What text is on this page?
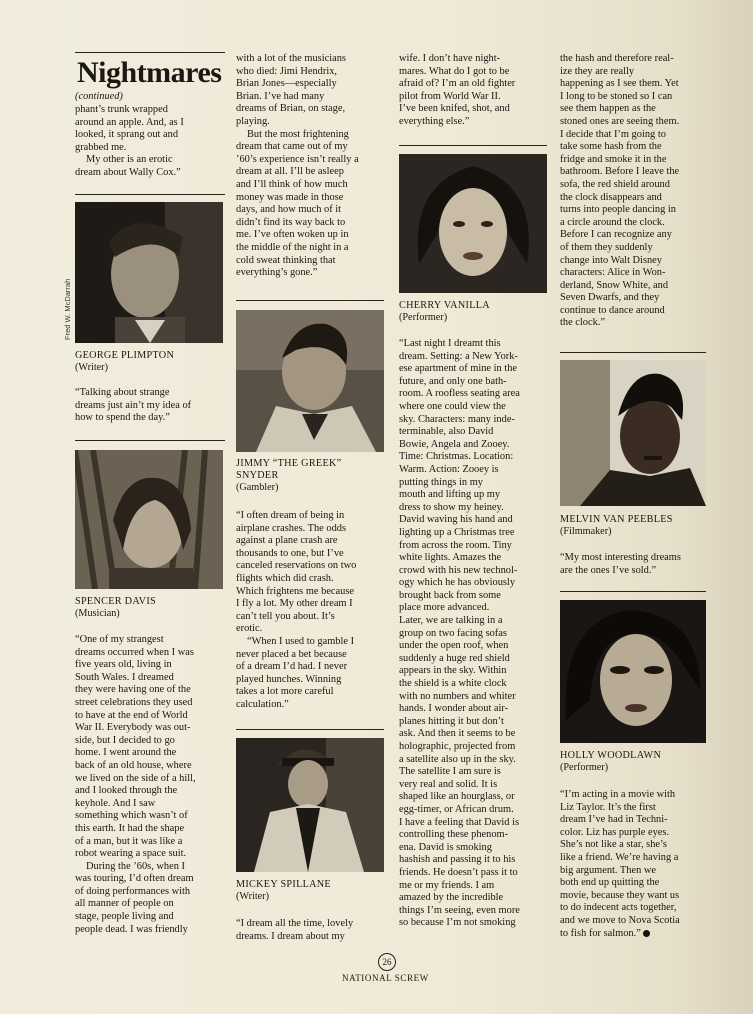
Nightmares

(continued)

phant’s trunk wrapped

around an apple. And, as I

looked, it sprang out and

grabbed me.

My other is an erotic

dream about Wally Cox.”

Fred W. McDarrah

GEORGE PLIMPTON

(Writer)

“Talking about strange

dreams just ain’t my idea of

how to spend the day.”

SPENCER DAVIS

(Musician)

“One of my strangest

dreams occurred when I was

five years old, living in

South Wales. I dreamed

they were having one of the

street celebrations they used

to have at the end of World

War II. Everybody was out-

side, but I decided to go

home. I went around the

back of an old house, where

we lived on the side of a hill,

and I looked through the

keyhole. And I saw

something which wasn’t of

this earth. It had the shape

of a man, but it was like a

robot wearing a space suit.

During the ’60s, when I

was touring, I’d often dream

of doing performances with

all manner of people on

stage, people living and

people dead. I was friendly

with a lot of the musicians

who died: Jimi Hendrix,

Brian Jones—especially

Brian. I’ve had many

dreams of Brian, on stage,

playing.

But the most frightening

dream that came out of my

’60’s experience isn’t really a

dream at all. I’ll be asleep

and I’ll think of how much

money was made in those

days, and how much of it

didn’t find its way back to

me. I’ve often woken up in

the middle of the night in a

cold sweat thinking that

everything’s gone.”

JIMMY “THE GREEK”

SNYDER

(Gambler)

“I often dream of being in

airplane crashes. The odds

against a plane crash are

thousands to one, but I’ve

canceled reservations on two

flights which did crash.

Which frightens me because

I fly a lot. My other dream I

can’t tell you about. It’s

erotic.

“When I used to gamble I

never placed a bet because

of a dream I’d had. I never

played hunches. Winning

takes a lot more careful

calculation.”

MICKEY SPILLANE

(Writer)

“I dream all the time, lovely

dreams. I dream about my

wife. I don’t have night-

mares. What do I got to be

afraid of? I’m an old fighter

pilot from World War II.

I’ve been knifed, shot, and

everything else.”

CHERRY VANILLA

(Performer)

“Last night I dreamt this

dream. Setting: a New York-

ese apartment of mine in the

future, and only one bath-

room. A roofless seating area

where one could view the

sky. Characters: many inde-

terminable, also David

Bowie, Angela and Zooey.

Time: Christmas. Location:

Warm. Action: Zooey is

putting things in my

mouth and lifting up my

dress to show my heiney.

David waving his hand and

lighting up a Christmas tree

from across the room. Tiny

white lights. Amazes the

crowd with his new technol-

ogy which he has obviously

brought back from some

place more advanced.

Later, we are talking in a

group on two facing sofas

under the open roof, when

suddenly a huge red shield

appears in the sky. Within

the shield is a white clock

with no numbers and whiter

hands. I wonder about air-

planes hitting it but don’t

ask. And then it seems to be

holographic, projected from

a satellite also up in the sky.

The satellite I am sure is

very real and solid. It is

shaped like an hourglass, or

egg-timer, or African drum.

I have a feeling that David is

controlling these phenom-

ena. David is smoking

hashish and passing it to his

friends. He doesn’t pass it to

me or my friends. I am

amazed by the incredible

things I’m seeing, even more

so because I’m not smoking

the hash and therefore real-

ize they are really

happening as I see them. Yet

I long to be stoned so I can

see them happen as the

stoned ones are seeing them.

I decide that I’m going to

take some hash from the

fridge and smoke it in the

bathroom. Before I leave the

sofa, the red shield around

the clock disappears and

turns into people dancing in

a circle around the clock.

Before I can recognize any

of them they suddenly

change into Walt Disney

characters: Alice in Won-

derland, Snow White, and

Seven Dwarfs, and they

continue to dance around

the clock.”

MELVIN VAN PEEBLES

(Filmmaker)

“My most interesting dreams

are the ones I’ve sold.”

HOLLY WOODLAWN

(Performer)

“I’m acting in a movie with

Liz Taylor. It’s the first

dream I’ve had in Techni-

color. Liz has purple eyes.

She’s not like a star, she’s

like a friend. We’re having a

big argument. Then we

both end up quitting the

movie, because they want us

to do indecent acts together,

and we move to Nova Scotia

to fish for salmon.”

26
NATIONAL SCREW
